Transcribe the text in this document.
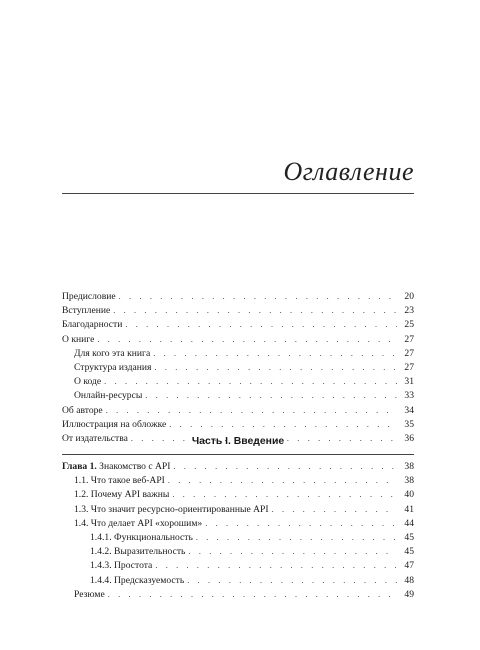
Оглавление
Предисловие . . .	20
Вступление . . .	23
Благодарности . . .	25
О книге . . .	27
Для кого эта книга . . .	27
Структура издания . . .	27
О коде . . .	31
Онлайн-ресурсы . . .	33
Об авторе . . .	34
Иллюстрация на обложке . . .	35
От издательства . . .	36
Часть I. Введение
Глава 1. Знакомство с API . . .	38
1.1. Что такое веб-API . . .	38
1.2. Почему API важны . . .	40
1.3. Что значит ресурсно-ориентированные API . . .	41
1.4. Что делает API «хорошим» . . .	44
1.4.1. Функциональность . . .	45
1.4.2. Выразительность . . .	45
1.4.3. Простота . . .	47
1.4.4. Предсказуемость . . .	48
Резюме . . .	49
